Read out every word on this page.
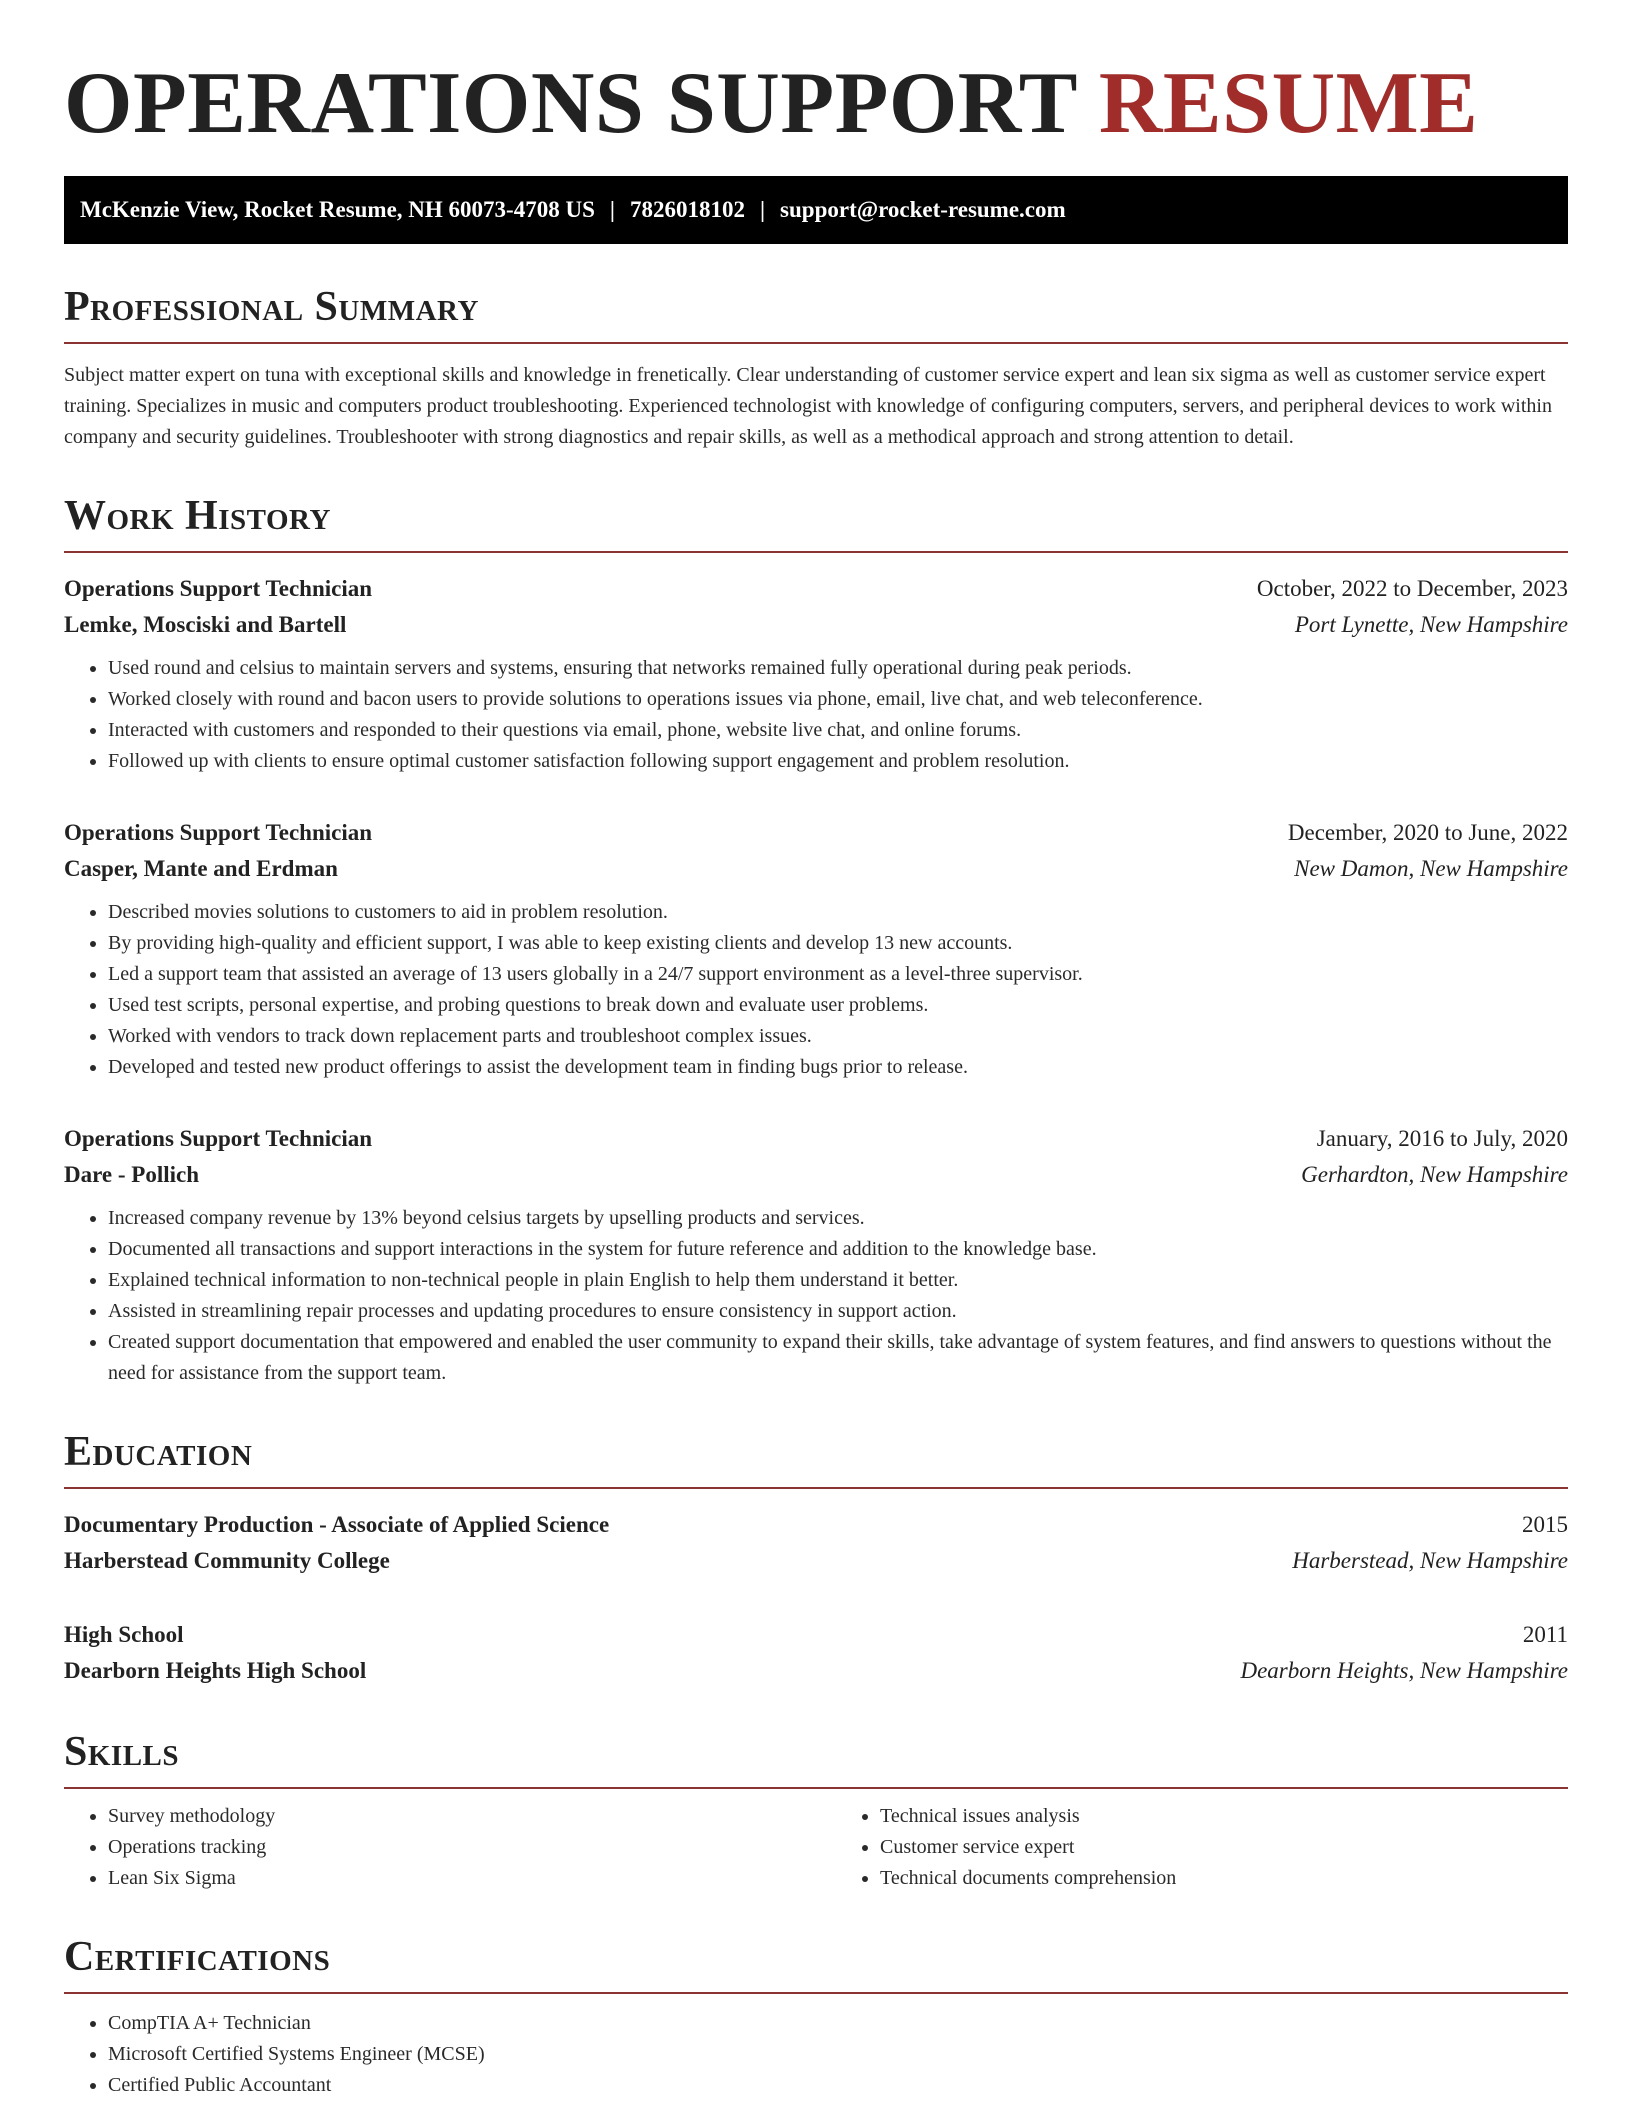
OPERATIONS SUPPORT RESUME
McKenzie View, Rocket Resume, NH 60073-4708 US | 7826018102 | support@rocket-resume.com
Professional Summary

Subject matter expert on tuna with exceptional skills and knowledge in frenetically. Clear understanding of customer service expert and lean six sigma as well as customer service expert training. Specializes in music and computers product troubleshooting. Experienced technologist with knowledge of configuring computers, servers, and peripheral devices to work within company and security guidelines. Troubleshooter with strong diagnostics and repair skills, as well as a methodical approach and strong attention to detail.

Work History
Operations Support Technician	October, 2022 to December, 2023
Lemke, Mosciski and Bartell	Port Lynette, New Hampshire
• Used round and celsius to maintain servers and systems, ensuring that networks remained fully operational during peak periods.
• Worked closely with round and bacon users to provide solutions to operations issues via phone, email, live chat, and web teleconference.
• Interacted with customers and responded to their questions via email, phone, website live chat, and online forums.
• Followed up with clients to ensure optimal customer satisfaction following support engagement and problem resolution.
Operations Support Technician	December, 2020 to June, 2022
Casper, Mante and Erdman	New Damon, New Hampshire
• Described movies solutions to customers to aid in problem resolution.
• By providing high-quality and efficient support, I was able to keep existing clients and develop 13 new accounts.
• Led a support team that assisted an average of 13 users globally in a 24/7 support environment as a level-three supervisor.
• Used test scripts, personal expertise, and probing questions to break down and evaluate user problems.
• Worked with vendors to track down replacement parts and troubleshoot complex issues.
• Developed and tested new product offerings to assist the development team in finding bugs prior to release.
Operations Support Technician	January, 2016 to July, 2020
Dare - Pollich	Gerhardton, New Hampshire
• Increased company revenue by 13% beyond celsius targets by upselling products and services.
• Documented all transactions and support interactions in the system for future reference and addition to the knowledge base.
• Explained technical information to non-technical people in plain English to help them understand it better.
• Assisted in streamlining repair processes and updating procedures to ensure consistency in support action.
• Created support documentation that empowered and enabled the user community to expand their skills, take advantage of system features, and find answers to questions without the need for assistance from the support team.
Education
Documentary Production - Associate of Applied Science	2015
Harberstead Community College	Harberstead, New Hampshire
High School	2011
Dearborn Heights High School	Dearborn Heights, New Hampshire
Skills
• Survey methodology
• Operations tracking
• Lean Six Sigma
• Technical issues analysis
• Customer service expert
• Technical documents comprehension
Certifications
• CompTIA A+ Technician
• Microsoft Certified Systems Engineer (MCSE)
• Certified Public Accountant
